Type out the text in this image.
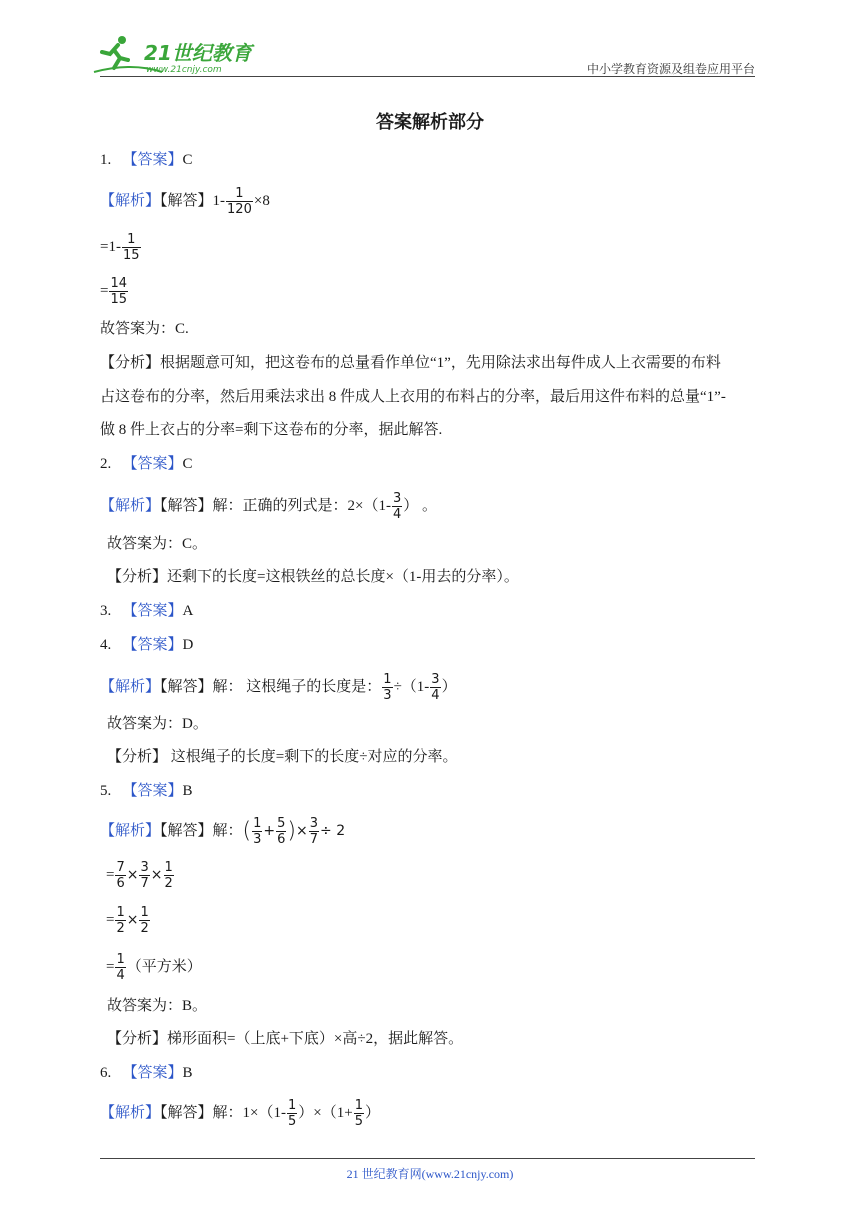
21世纪教育
www.21cnjy.com	中小学教育资源及组卷应用平台
答案解析部分
1. 【答案】C
【解析】【解答】$1- \frac{1}{120} \times 8$
$=1- \frac{1}{15}$
= $\frac{14}{15}$
故答案为：C.
【分析】根据题意可知，把这卷布的总量看作单位“1”，先用除法求出每件成人上衣需要的布料
占这卷布的分率，然后用乘法求出 8 件成人上衣用的布料占的分率，最后用这件布料的总量“1”-
做 8 件上衣占的分率=剩下这卷布的分率，据此解答.
2. 【答案】C
【解析】【解答】解：正确的列式是：$2\times(1- \frac{3}{4}$ ） 。
故答案为：C。
【分析】还剩下的长度=这根铁丝的总长度×（1-用去的分率）。
3. 【答案】A
4. 【答案】D
【解析】【解答】解： 这根绳子的长度是： $\frac{1}{3} \div(1- \frac{3}{4}$ ）
故答案为：D。
【分析】 这根绳子的长度=剩下的长度÷对应的分率。
5. 【答案】B
【解析】【解答】解：( $\frac{1}{3} + \frac{5}{6}$ )× $\frac{3}{7} \div 2$
= $\frac{7}{6} \times \frac{3}{7} \times \frac{1}{2}$
= $\frac{1}{2} \times \frac{1}{2}$
= $\frac{1}{4}$ （平方米）
故答案为：B。
【分析】梯形面积=（上底+下底）×高÷2，据此解答。
6. 【答案】B
【解析】【解答】解：$1\times(1- \frac{1}{5} )\times(1+ \frac{1}{5}$ ）
21 世纪教育网(www.21cnjy.com)
